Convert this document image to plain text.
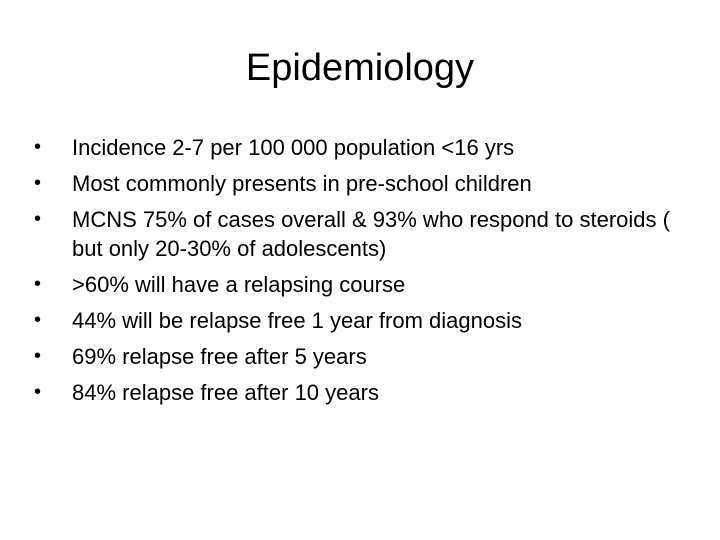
Epidemiology
•	Incidence 2-7 per 100 000 population <16 yrs
•	Most commonly presents in pre-school children
•	MCNS 75% of cases overall & 93% who respond to steroids ( but only 20-30% of adolescents)
•	>60% will have a relapsing course
•	44% will be relapse free 1 year from diagnosis
•	69% relapse free after 5 years
•	84% relapse free after 10 years
